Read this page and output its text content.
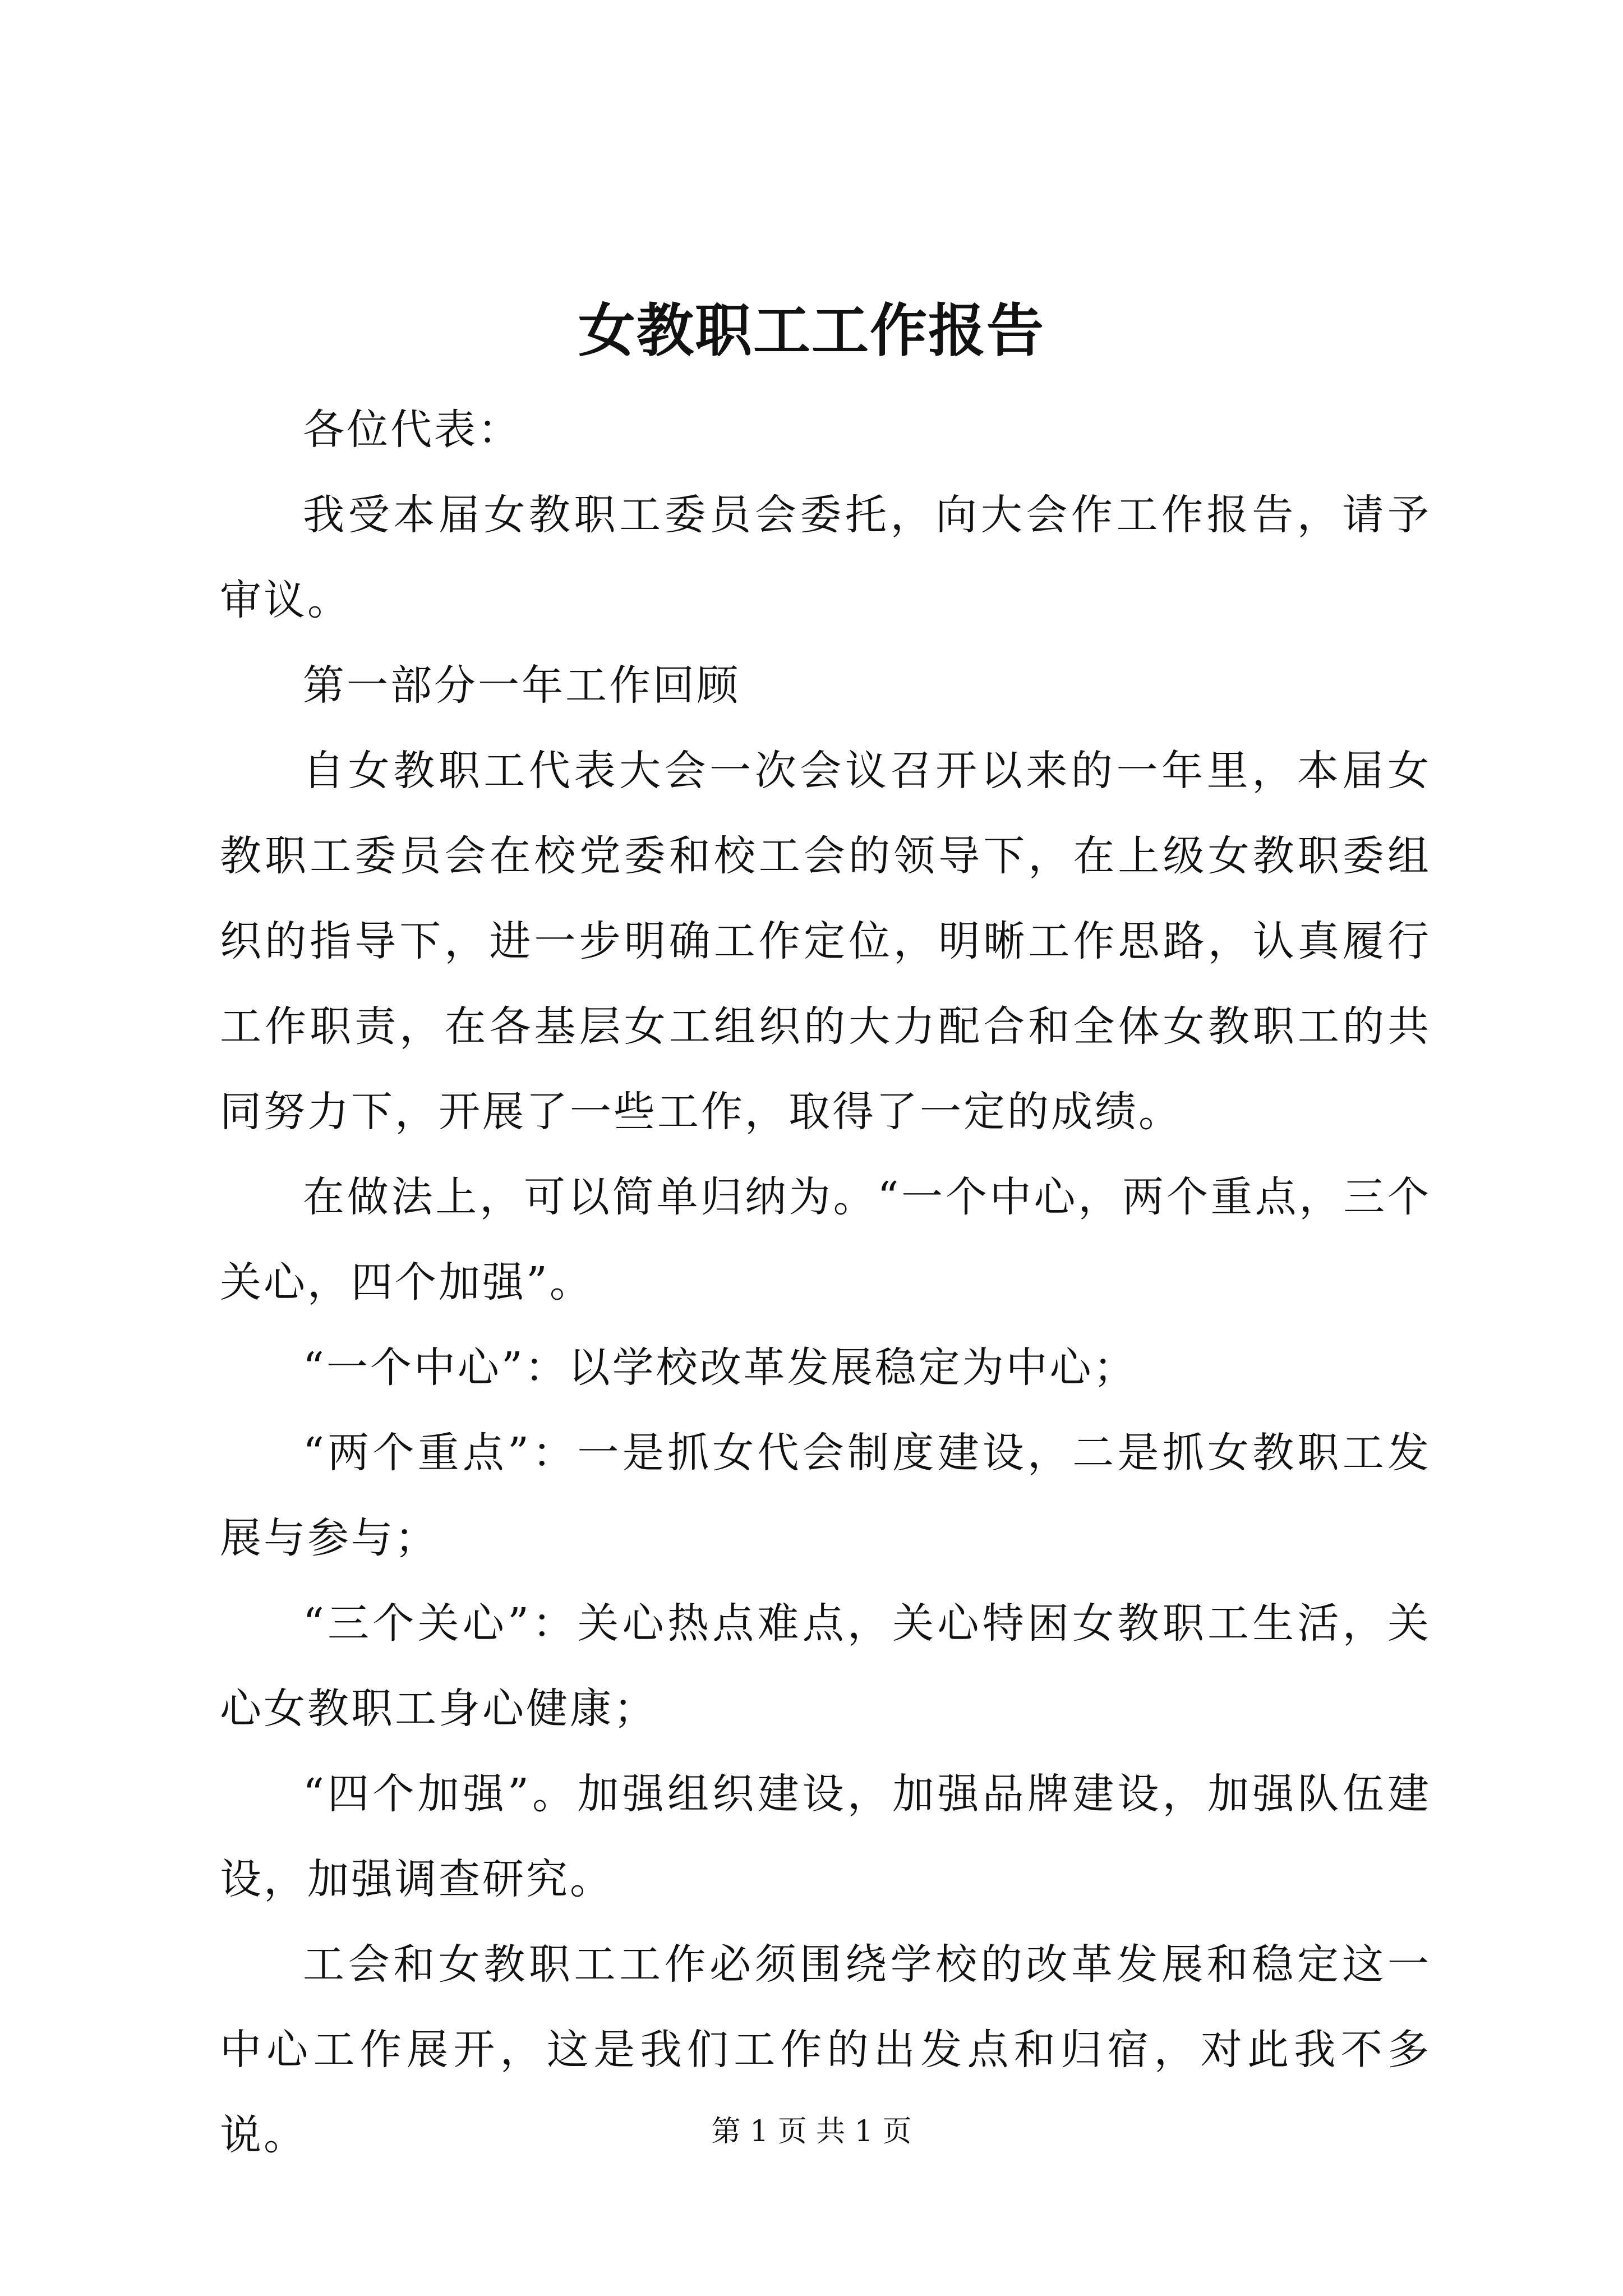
女教职工工作报告

各位代表：

我受本届女教职工委员会委托，向大会作工作报告，请予审议。

第一部分一年工作回顾

自女教职工代表大会一次会议召开以来的一年里，本届女教职工委员会在校党委和校工会的领导下，在上级女教职委组织的指导下，进一步明确工作定位，明晰工作思路，认真履行工作职责，在各基层女工组织的大力配合和全体女教职工的共同努力下，开展了一些工作，取得了一定的成绩。

在做法上，可以简单归纳为。“一个中心，两个重点，三个关心，四个加强”。

“一个中心”：以学校改革发展稳定为中心；

“两个重点”：一是抓女代会制度建设，二是抓女教职工发展与参与；

“三个关心”：关心热点难点，关心特困女教职工生活，关心女教职工身心健康；

“四个加强”。加强组织建设，加强品牌建设，加强队伍建设，加强调查研究。

工会和女教职工工作必须围绕学校的改革发展和稳定这一中心工作展开，这是我们工作的出发点和归宿，对此我不多说。	第 1 页 共 1 页
